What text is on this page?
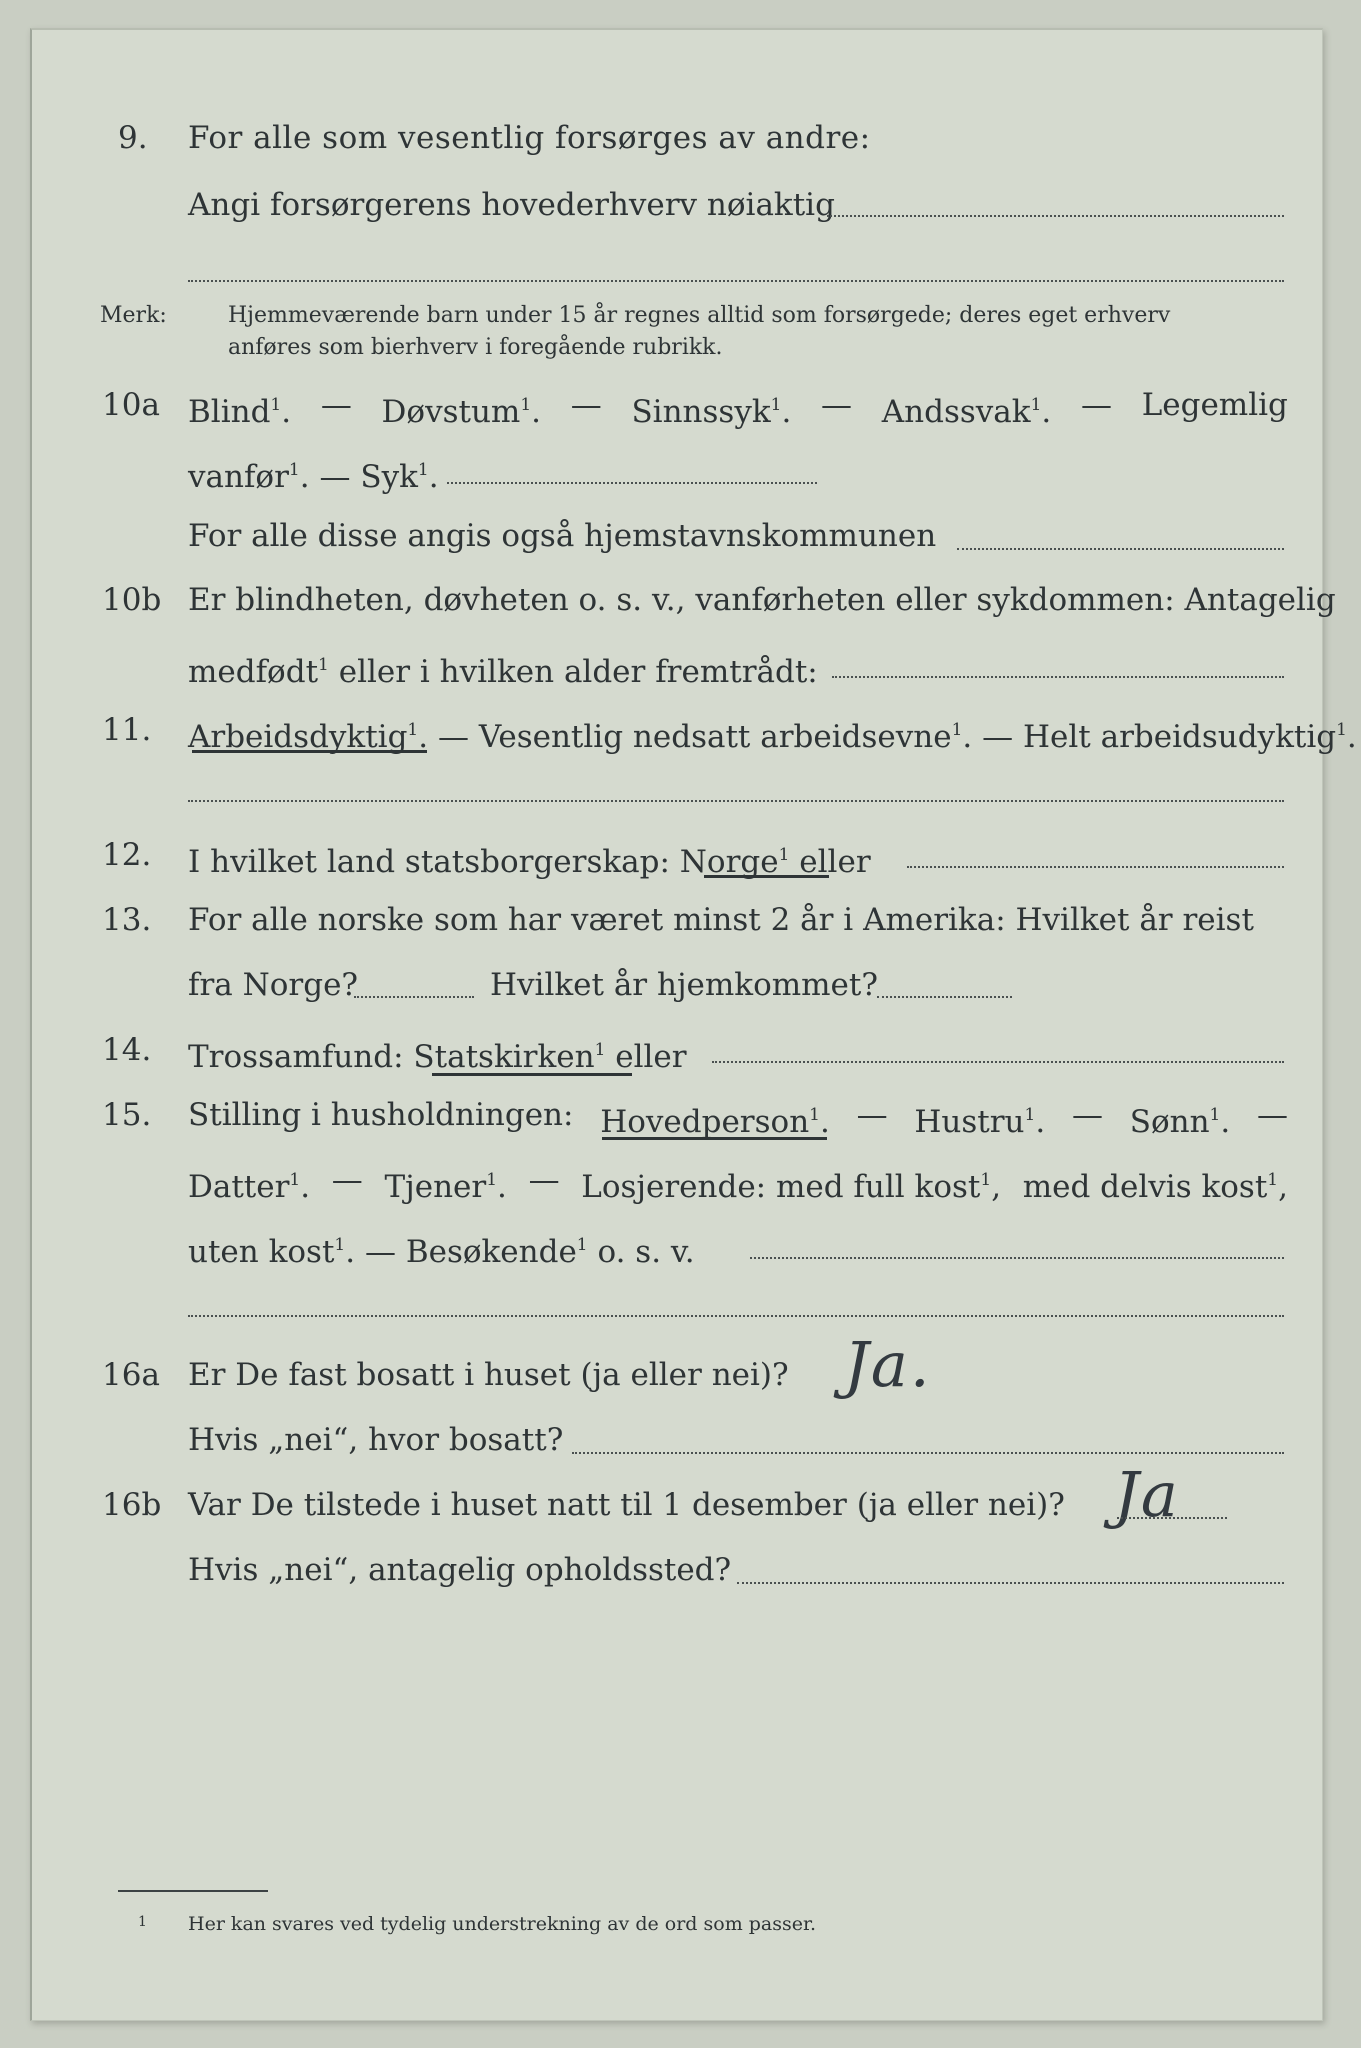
9. For alle som vesentlig forsørges av andre:
Angi forsørgerens hovederhverv nøiaktig
Merk:	Hjemmeværende barn under 15 år regnes alltid som forsørgede; deres eget erhverv
anføres som bierhverv i foregående rubrikk.
10a Blind$^1$. — Døvstum$^1$. — Sinnssyk$^1$. — Andssvak$^1$. — Legemlig
vanfør$^1$. — Syk$^1$.
For alle disse angis også hjemstavnskommunen
10b Er blindheten, døvheten o. s. v., vanførheten eller sykdommen: Antagelig
medfødt$^1$ eller i hvilken alder fremtrådt:
11. Arbeidsdyktig$^1$. — Vesentlig nedsatt arbeidsevne$^1$. — Helt arbeidsudyktig$^1$.
12. I hvilket land statsborgerskap: Norge$^1$ eller
13. For alle norske som har været minst 2 år i Amerika: Hvilket år reist
fra Norge?	Hvilket år hjemkommet?
14. Trossamfund: Statskirken$^1$ eller
15. Stilling i husholdningen: Hovedperson$^1$. — Hustru$^1$. — Sønn$^1$. —
Datter$^1$. — Tjener$^1$. — Losjerende: med full kost$^1$, med delvis kost$^1$,
uten kost$^1$. — Besøkende$^1$ o. s. v.
16a Er De fast bosatt i huset (ja eller nei)? Ja.
Hvis „nei“, hvor bosatt?
16b Var De tilstede i huset natt til 1 desember (ja eller nei)? Ja
Hvis „nei“, antagelig opholdssted?
1 Her kan svares ved tydelig understrekning av de ord som passer.
